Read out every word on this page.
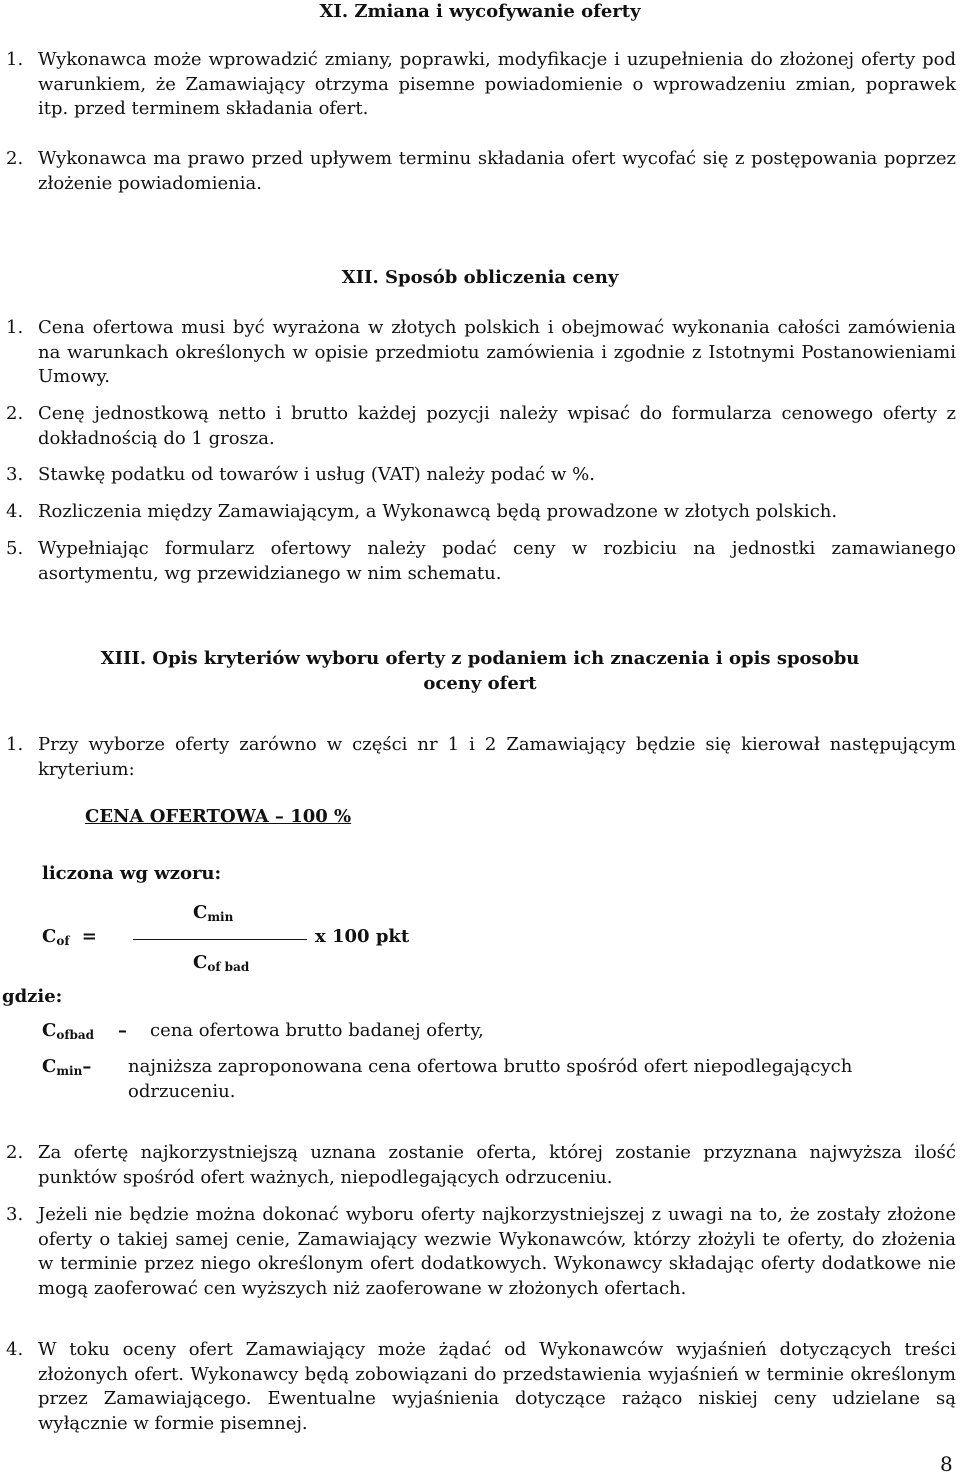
XI. Zmiana i wycofywanie oferty
1. Wykonawca może wprowadzić zmiany, poprawki, modyfikacje i uzupełnienia do złożonej oferty pod warunkiem, że Zamawiający otrzyma pisemne powiadomienie o wprowadzeniu zmian, poprawek itp. przed terminem składania ofert.

2. Wykonawca ma prawo przed upływem terminu składania ofert wycofać się z postępowania poprzez złożenie powiadomienia.

XII. Sposób obliczenia ceny
1. Cena ofertowa musi być wyrażona w złotych polskich i obejmować wykonania całości zamówienia na warunkach określonych w opisie przedmiotu zamówienia i zgodnie z Istotnymi Postanowieniami Umowy.

2. Cenę jednostkową netto i brutto każdej pozycji należy wpisać do formularza cenowego oferty z dokładnością do 1 grosza.

3. Stawkę podatku od towarów i usług (VAT) należy podać w %.

4. Rozliczenia między Zamawiającym, a Wykonawcą będą prowadzone w złotych polskich.

5. Wypełniając formularz ofertowy należy podać ceny w rozbiciu na jednostki zamawianego asortymentu, wg przewidzianego w nim schematu.

XIII. Opis kryteriów wyboru oferty z podaniem ich znaczenia i opis sposobu
oceny ofert
1. Przy wyborze oferty zarówno w części nr 1 i 2 Zamawiający będzie się kierował następującym kryterium:

CENA OFERTOWA – 100 %
liczona wg wzoru:
$C_{min}$
$C_{of}$ =	x 100 pkt
$C_{of bad}$
gdzie:
$C_{ofbad}$ – cena ofertowa brutto badanej oferty,
$C_{min}-$ najniższa zaproponowana cena ofertowa brutto spośród ofert niepodlegających odrzuceniu.

2. Za ofertę najkorzystniejszą uznana zostanie oferta, której zostanie przyznana najwyższa ilość punktów spośród ofert ważnych, niepodlegających odrzuceniu.

3. Jeżeli nie będzie można dokonać wyboru oferty najkorzystniejszej z uwagi na to, że zostały złożone oferty o takiej samej cenie, Zamawiający wezwie Wykonawców, którzy złożyli te oferty, do złożenia w terminie przez niego określonym ofert dodatkowych. Wykonawcy składając oferty dodatkowe nie mogą zaoferować cen wyższych niż zaoferowane w złożonych ofertach.

4. W toku oceny ofert Zamawiający może żądać od Wykonawców wyjaśnień dotyczących treści złożonych ofert. Wykonawcy będą zobowiązani do przedstawienia wyjaśnień w terminie określonym przez Zamawiającego. Ewentualne wyjaśnienia dotyczące rażąco niskiej ceny udzielane są wyłącznie w formie pisemnej.

8
